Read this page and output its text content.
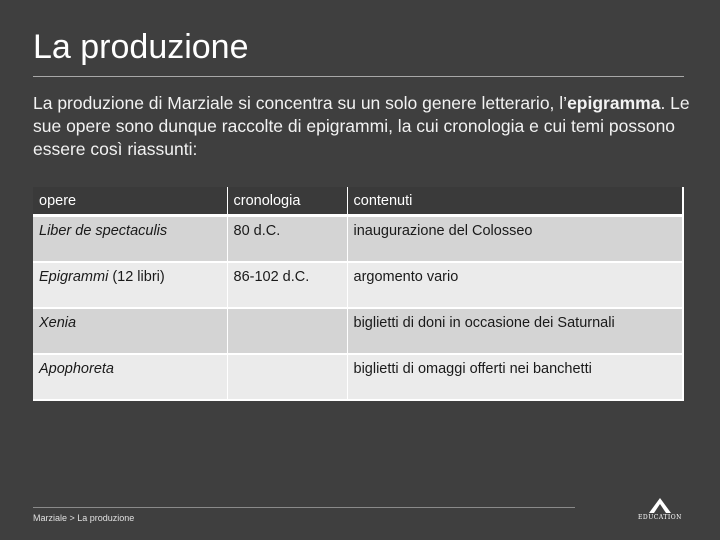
La produzione
La produzione di Marziale si concentra su un solo genere letterario, l’epigramma. Le sue opere sono dunque raccolte di epigrammi, la cui cronologia e cui temi possono essere così riassunti:
opere	cronologia	contenuti
Liber de spectaculis	80 d.C.	inaugurazione del Colosseo
Epigrammi (12 libri)	86-102 d.C.	argomento vario
Xenia		biglietti di doni in occasione dei Saturnali
Apophoreta		biglietti di omaggi offerti nei banchetti
Marziale > La produzione	EDUCATION
